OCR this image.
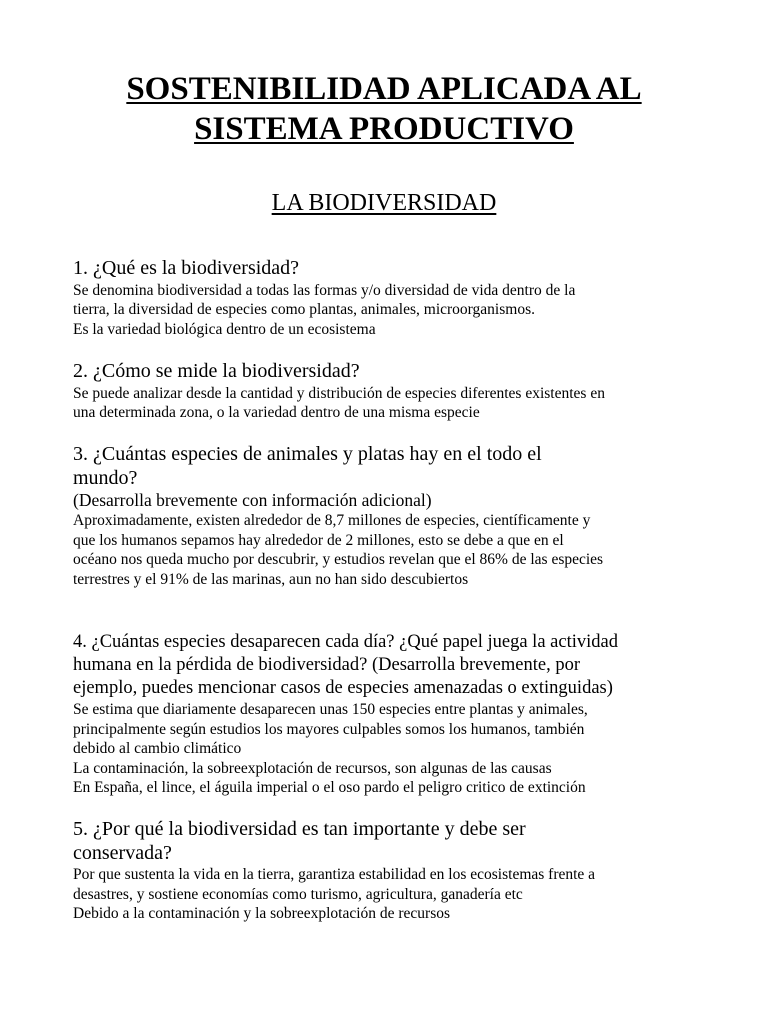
SOSTENIBILIDAD APLICADA AL
SISTEMA PRODUCTIVO
LA BIODIVERSIDAD

1. ¿Qué es la biodiversidad?

Se denomina biodiversidad a todas las formas y/o diversidad de vida dentro de la

tierra, la diversidad de especies como plantas, animales, microorganismos.

Es la variedad biológica dentro de un ecosistema

2. ¿Cómo se mide la biodiversidad?

Se puede analizar desde la cantidad y distribución de especies diferentes existentes en

una determinada zona, o la variedad dentro de una misma especie

3. ¿Cuántas especies de animales y platas hay en el todo el

mundo?

(Desarrolla brevemente con información adicional)

Aproximadamente, existen alrededor de 8,7 millones de especies, científicamente y

que los humanos sepamos hay alrededor de 2 millones, esto se debe a que en el

océano nos queda mucho por descubrir, y estudios revelan que el 86% de las especies

terrestres y el 91% de las marinas, aun no han sido descubiertos

4. ¿Cuántas especies desaparecen cada día? ¿Qué papel juega la actividad

humana en la pérdida de biodiversidad? (Desarrolla brevemente, por

ejemplo, puedes mencionar casos de especies amenazadas o extinguidas)

Se estima que diariamente desaparecen unas 150 especies entre plantas y animales,

principalmente según estudios los mayores culpables somos los humanos, también

debido al cambio climático

La contaminación, la sobreexplotación de recursos, son algunas de las causas

En España, el lince, el águila imperial o el oso pardo el peligro critico de extinción

5. ¿Por qué la biodiversidad es tan importante y debe ser

conservada?

Por que sustenta la vida en la tierra, garantiza estabilidad en los ecosistemas frente a

desastres, y sostiene economías como turismo, agricultura, ganadería etc

Debido a la contaminación y la sobreexplotación de recursos
